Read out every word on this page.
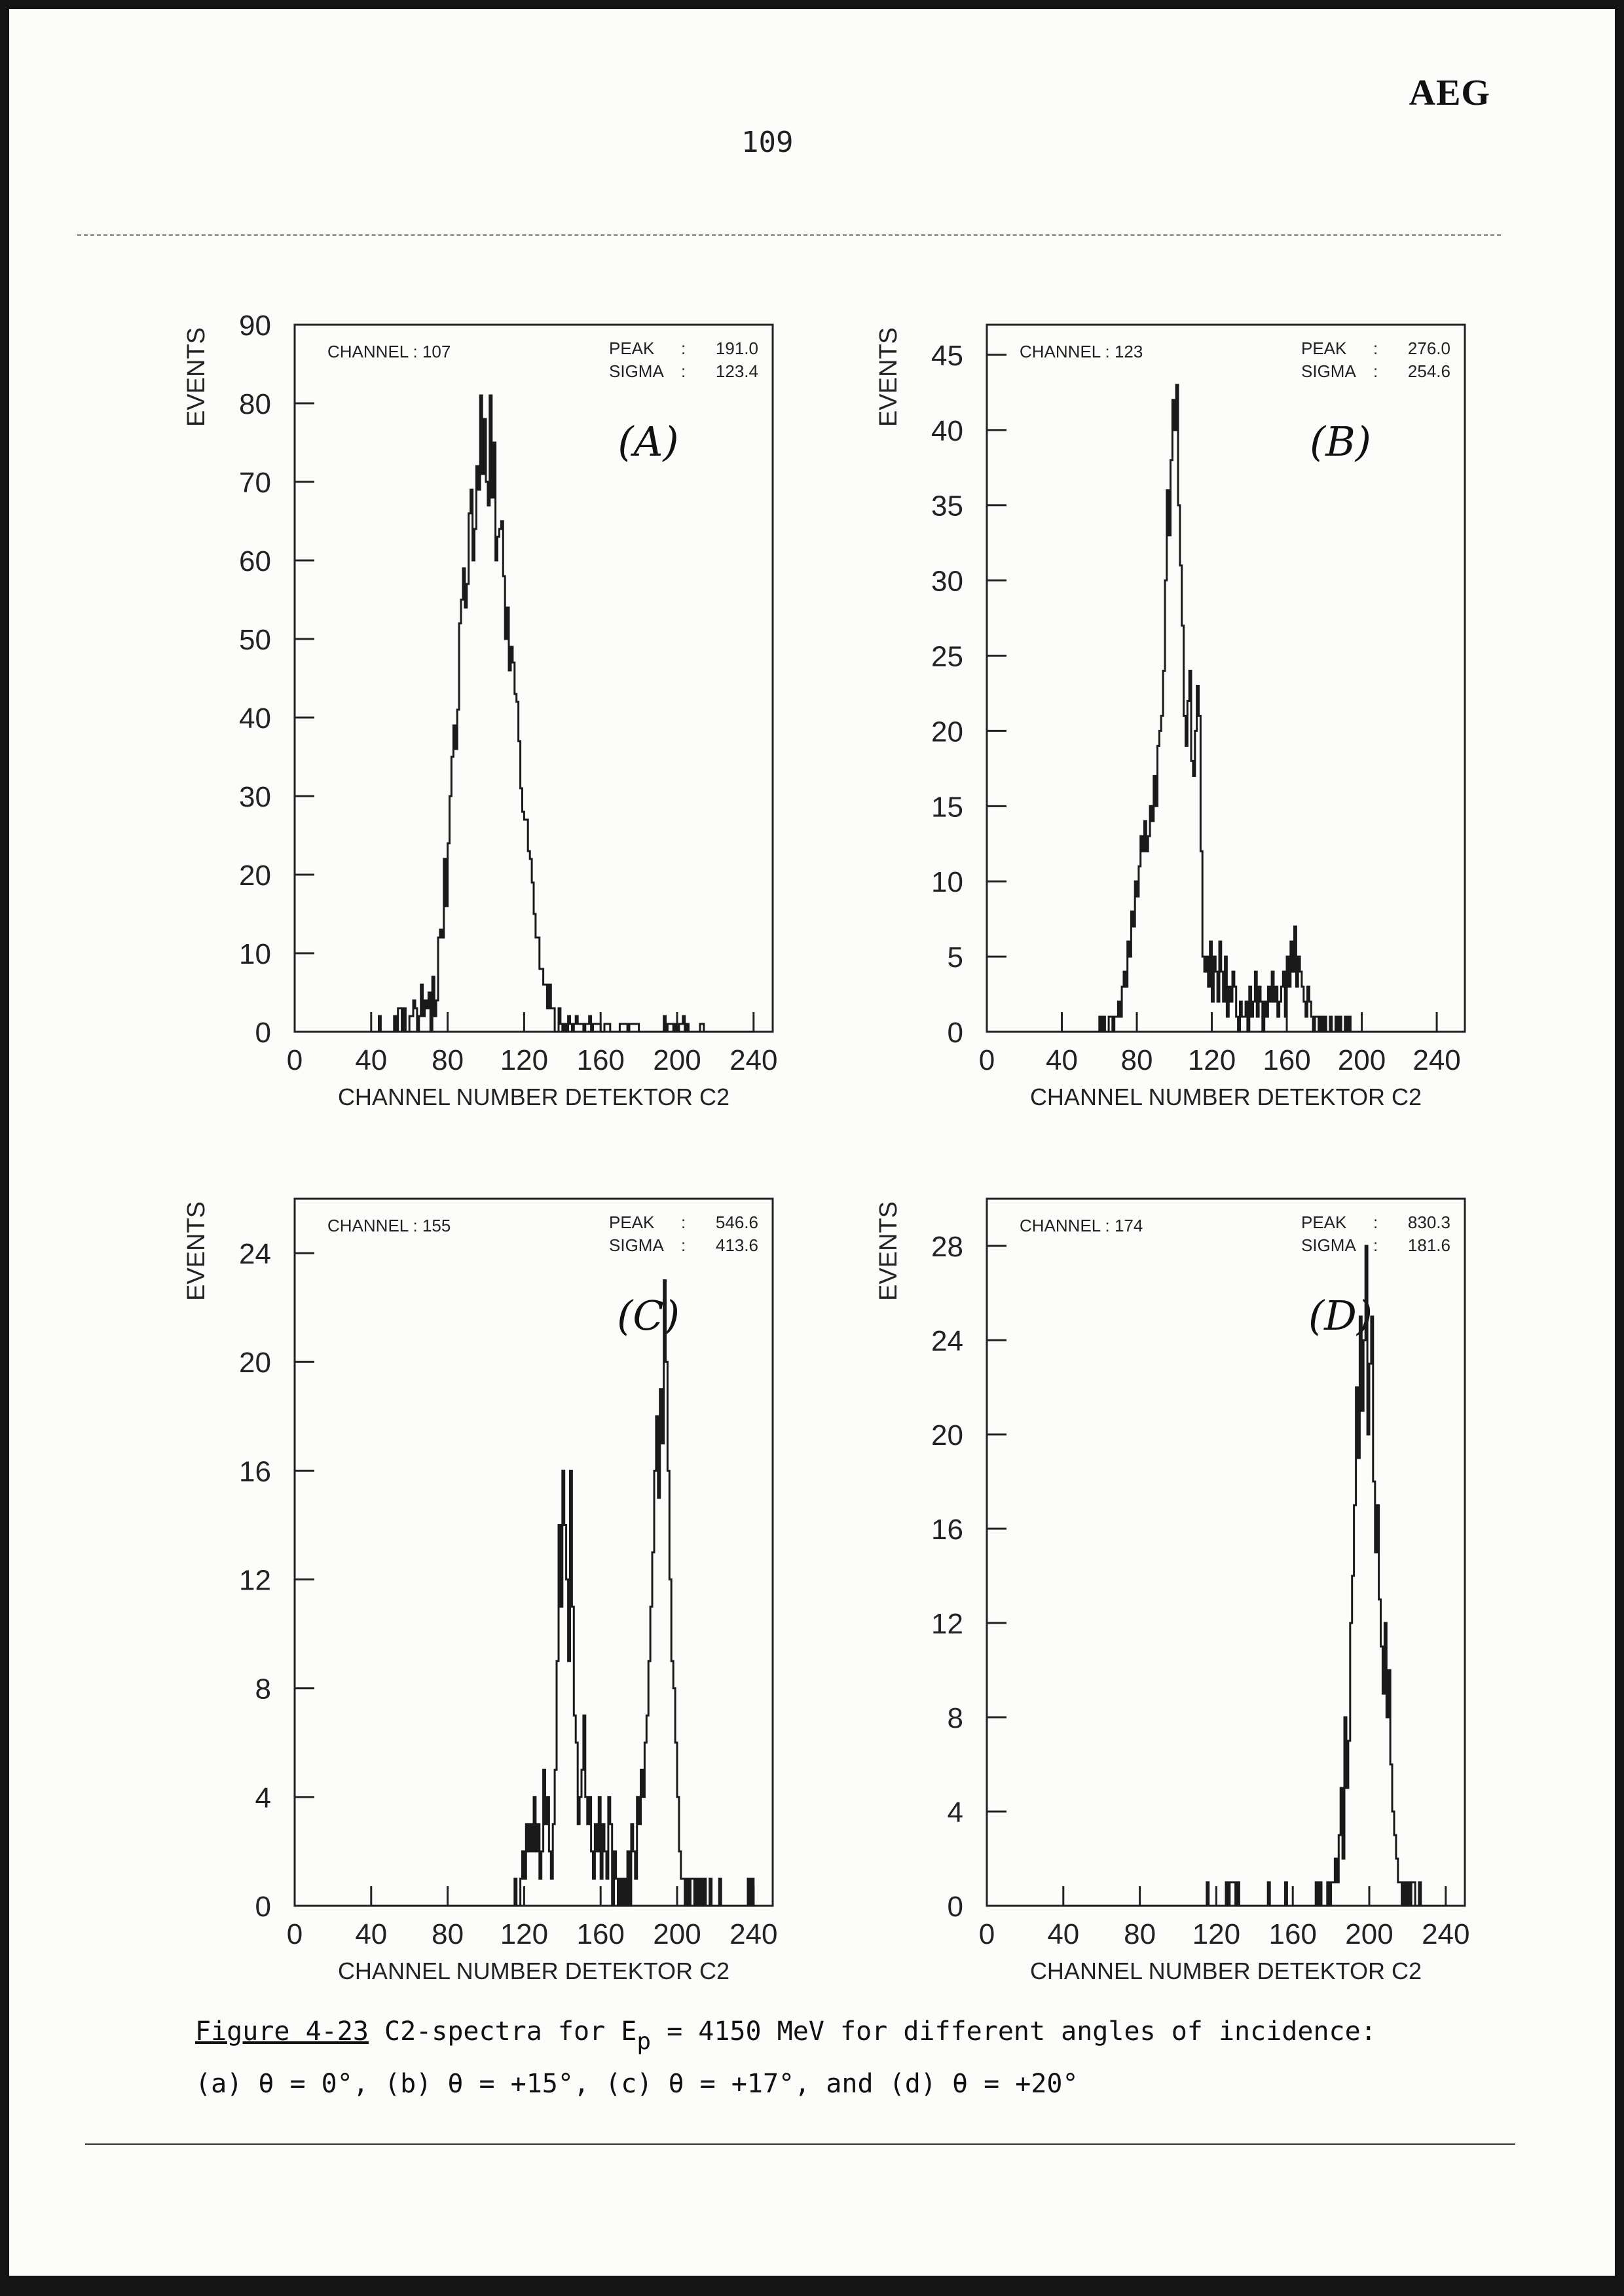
AEG
109
0
10
20
30
40
50
60
70
80
90
0 40 80 120 160 200 240
CHANNEL NUMBER DETEKTOR C2
EVENTS	CHANNEL : 107	PEAK : 191.0
SIGMA : 123.4
(A)
0
5
10
15
20
25
30
35
40
45
0 40 80 120 160 200 240
CHANNEL NUMBER DETEKTOR C2
EVENTS	CHANNEL : 123	PEAK : 276.0
SIGMA : 254.6
(B)
0
4
8
12
16
20
24
0 40 80 120 160 200 240
CHANNEL NUMBER DETEKTOR C2
EVENTS	CHANNEL : 155	PEAK : 546.6
SIGMA : 413.6
(C)
0
4
8
12
16
20
24
28
0 40 80 120 160 200 240
CHANNEL NUMBER DETEKTOR C2
EVENTS	CHANNEL : 174	PEAK : 830.3
SIGMA : 181.6
(D)
Figure 4-23 C2-spectra for Ep = 4150 MeV for different angles of incidence:
(a) θ = 0°, (b) θ = +15°, (c) θ = +17°, and (d) θ = +20°
